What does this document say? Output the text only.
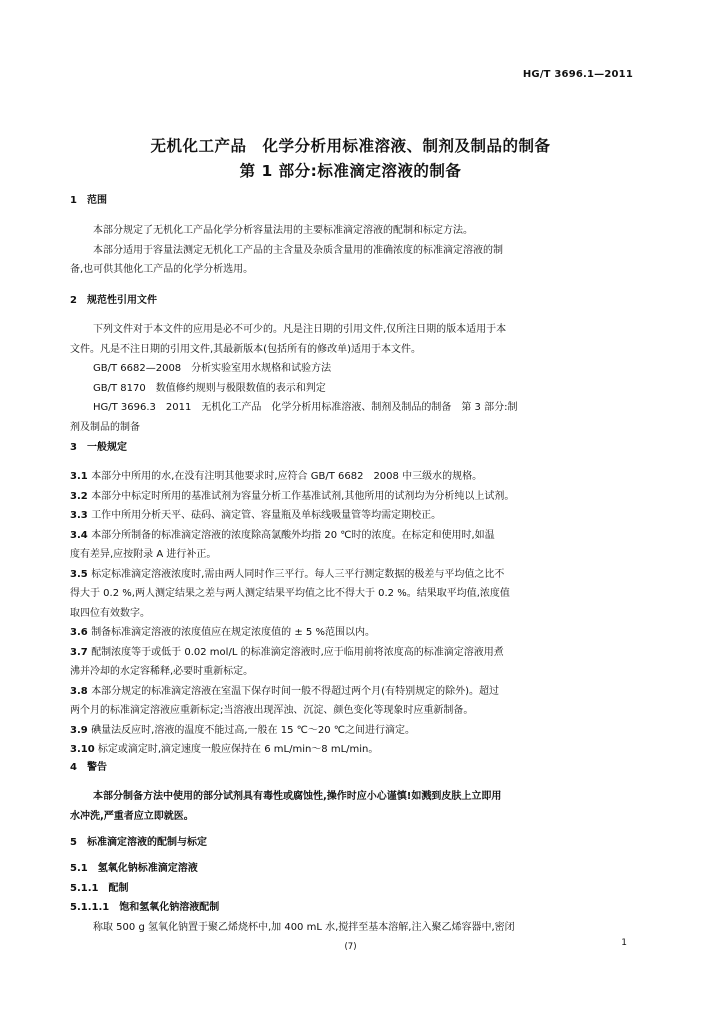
HG/T 3696.1—2011
无机化工产品　化学分析用标准溶液、制剂及制品的制备
第 1 部分:标准滴定溶液的制备
1　范围
本部分规定了无机化工产品化学分析容量法用的主要标准滴定溶液的配制和标定方法。
本部分适用于容量法测定无机化工产品的主含量及杂质含量用的准确浓度的标准滴定溶液的制
备,也可供其他化工产品的化学分析选用。
2　规范性引用文件
下列文件对于本文件的应用是必不可少的。凡是注日期的引用文件,仅所注日期的版本适用于本
文件。凡是不注日期的引用文件,其最新版本(包括所有的修改单)适用于本文件。
GB/T 6682—2008　分析实验室用水规格和试验方法
GB/T 8170　数值修约规则与极限数值的表示和判定
HG/T 3696.3　2011　无机化工产品　化学分析用标准溶液、制剂及制品的制备　第 3 部分:制
剂及制品的制备
3　一般规定
3.1 本部分中所用的水,在没有注明其他要求时,应符合 GB/T 6682　2008 中三级水的规格。
3.2 本部分中标定时所用的基准试剂为容量分析工作基准试剂,其他所用的试剂均为分析纯以上试剂。
3.3 工作中所用分析天平、砝码、滴定管、容量瓶及单标线吸量管等均需定期校正。
3.4 本部分所制备的标准滴定溶液的浓度除高氯酸外均指 20 ℃时的浓度。在标定和使用时,如温
度有差异,应按附录 A 进行补正。
3.5 标定标准滴定溶液浓度时,需由两人同时作三平行。每人三平行测定数据的极差与平均值之比不
得大于 0.2 %,两人测定结果之差与两人测定结果平均值之比不得大于 0.2 %。结果取平均值,浓度值
取四位有效数字。
3.6 制备标准滴定溶液的浓度值应在规定浓度值的 ± 5 %范围以内。
3.7 配制浓度等于或低于 0.02 mol/L 的标准滴定溶液时,应于临用前将浓度高的标准滴定溶液用煮
沸并冷却的水定容稀释,必要时重新标定。
3.8 本部分规定的标准滴定溶液在室温下保存时间一般不得超过两个月(有特别规定的除外)。超过
两个月的标准滴定溶液应重新标定;当溶液出现浑浊、沉淀、颜色变化等现象时应重新制备。
3.9 碘量法反应时,溶液的温度不能过高,一般在 15 ℃～20 ℃之间进行滴定。
3.10 标定或滴定时,滴定速度一般应保持在 6 mL/min～8 mL/min。
4　警告
本部分制备方法中使用的部分试剂具有毒性或腐蚀性,操作时应小心谨慎!如溅到皮肤上立即用
水冲洗,严重者应立即就医。
5　标准滴定溶液的配制与标定
5.1　氢氧化钠标准滴定溶液
5.1.1　配制
5.1.1.1　饱和氢氧化钠溶液配制
称取 500 g 氢氧化钠置于聚乙烯烧杯中,加 400 mL 水,搅拌至基本溶解,注入聚乙烯容器中,密闭
(7)	1
